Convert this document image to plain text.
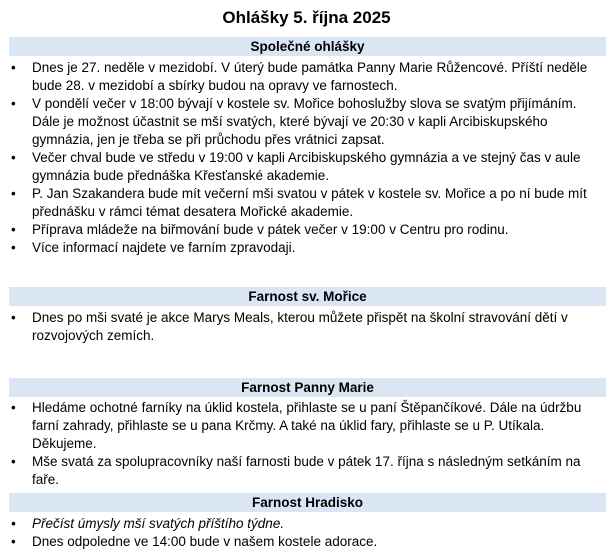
Ohlášky 5. října 2025
Společné ohlášky
• Dnes je 27. neděle v mezidobí. V úterý bude památka Panny Marie Růžencové. Příští neděle bude 28. v mezidobí a sbírky budou na opravy ve farnostech.
• V pondělí večer v 18:00 bývají v kostele sv. Mořice bohoslužby slova se svatým přijímáním. Dále je možnost účastnit se mší svatých, které bývají ve 20:30 v kapli Arcibiskupského gymnázia, jen je třeba se při průchodu přes vrátnici zapsat.
• Večer chval bude ve středu v 19:00 v kapli Arcibiskupského gymnázia a ve stejný čas v aule gymnázia bude přednáška Křesťanské akademie.
• P. Jan Szakandera bude mít večerní mši svatou v pátek v kostele sv. Mořice a po ní bude mít přednášku v rámci témat desatera Mořické akademie.
• Příprava mládeže na biřmování bude v pátek večer v 19:00 v Centru pro rodinu.
• Více informací najdete ve farním zpravodaji.
Farnost sv. Mořice
• Dnes po mši svaté je akce Marys Meals, kterou můžete přispět na školní stravování dětí v rozvojových zemích.
Farnost Panny Marie
• Hledáme ochotné farníky na úklid kostela, přihlaste se u paní Štěpančíkové. Dále na údržbu farní zahrady, přihlaste se u pana Krčmy. A také na úklid fary, přihlaste se u P. Utíkala. Děkujeme.
• Mše svatá za spolupracovníky naší farnosti bude v pátek 17. října s následným setkáním na faře.
Farnost Hradisko
• Přečíst úmysly mší svatých příštího týdne.
• Dnes odpoledne ve 14:00 bude v našem kostele adorace.
